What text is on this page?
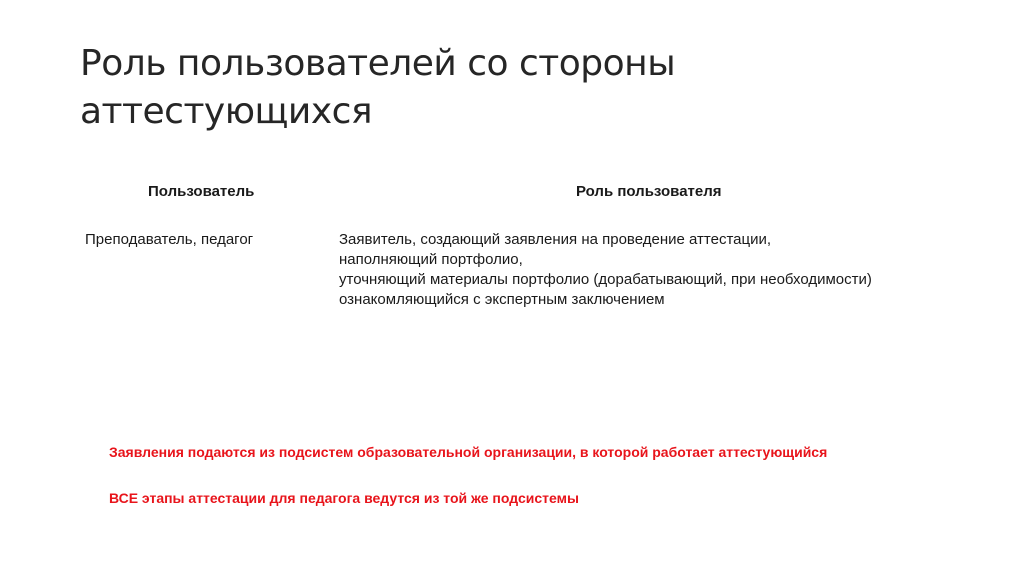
Роль пользователей со стороны
аттестующихся
Пользователь	Роль пользователя
Преподаватель, педагог	Заявитель, создающий заявления на проведение аттестации,
наполняющий портфолио,
уточняющий материалы портфолио (дорабатывающий, при необходимости)
ознакомляющийся с экспертным заключением
Заявления подаются из подсистем образовательной организации, в которой работает аттестующийся
ВСЕ этапы аттестации для педагога ведутся из той же подсистемы
